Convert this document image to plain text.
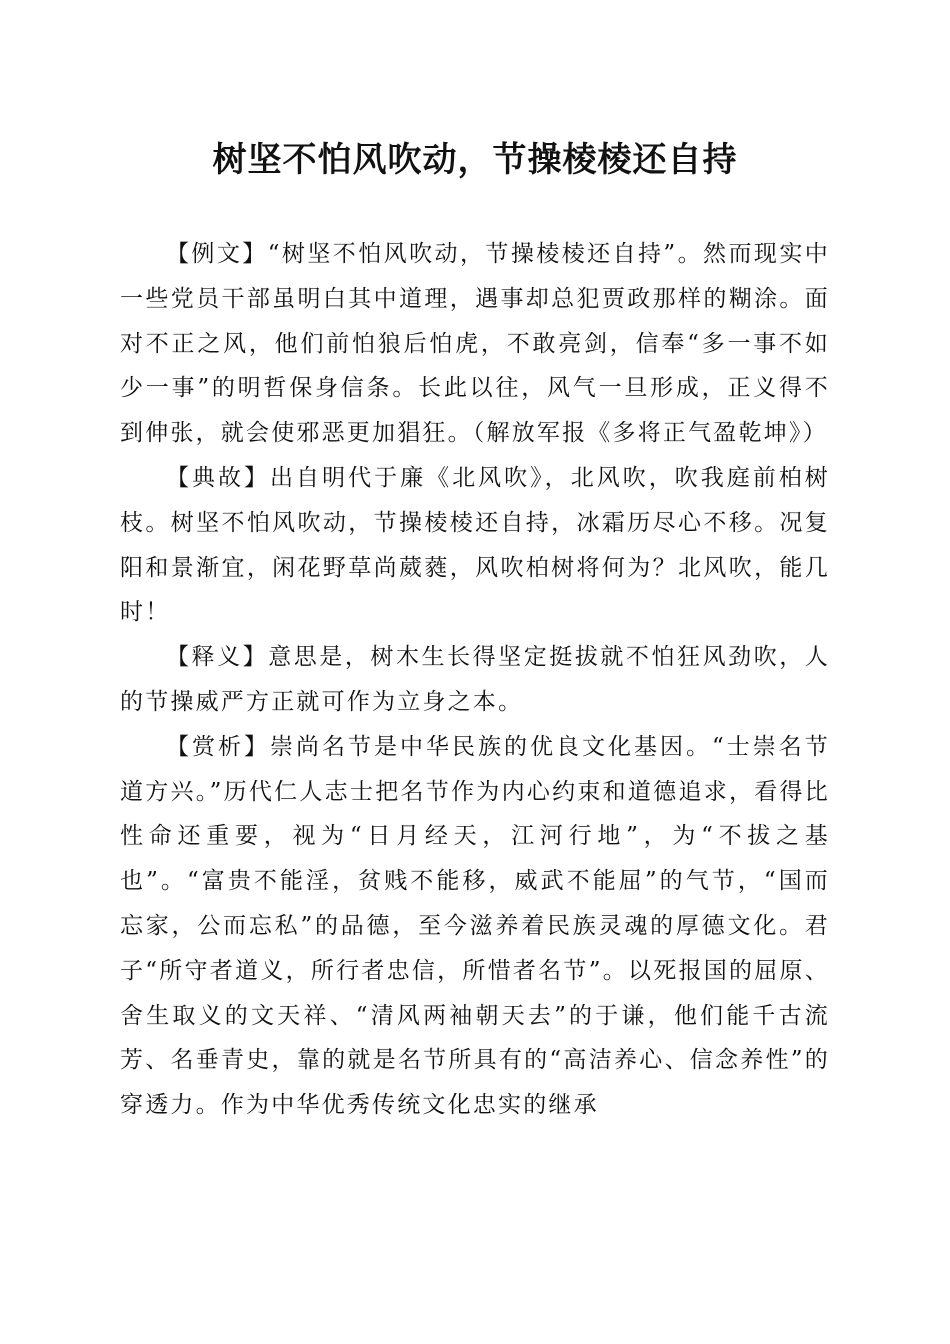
树坚不怕风吹动，节操棱棱还自持

【例文】“树坚不怕风吹动，节操棱棱还自持”。然而现实中一些党员干部虽明白其中道理，遇事却总犯贾政那样的糊涂。面对不正之风，他们前怕狼后怕虎，不敢亮剑，信奉“多一事不如少一事”的明哲保身信条。长此以往，风气一旦形成，正义得不到伸张，就会使邪恶更加猖狂。（解放军报《多将正气盈乾坤》）

【典故】出自明代于廉《北风吹》，北风吹，吹我庭前柏树枝。树坚不怕风吹动，节操棱棱还自持，冰霜历尽心不移。况复阳和景渐宜，闲花野草尚葳蕤，风吹柏树将何为？北风吹，能几时！

【释义】意思是，树木生长得坚定挺拔就不怕狂风劲吹，人的节操威严方正就可作为立身之本。

【赏析】崇尚名节是中华民族的优良文化基因。“士崇名节道方兴。”历代仁人志士把名节作为内心约束和道德追求，看得比性命还重要，视为“日月经天，江河行地”，为“不拔之基也”。“富贵不能淫，贫贱不能移，威武不能屈”的气节，“国而忘家，公而忘私”的品德，至今滋养着民族灵魂的厚德文化。君子“所守者道义，所行者忠信，所惜者名节”。以死报国的屈原、舍生取义的文天祥、“清风两袖朝天去”的于谦，他们能千古流芳、名垂青史，靠的就是名节所具有的“高洁养心、信念养性”的穿透力。作为中华优秀传统文化忠实的继承
